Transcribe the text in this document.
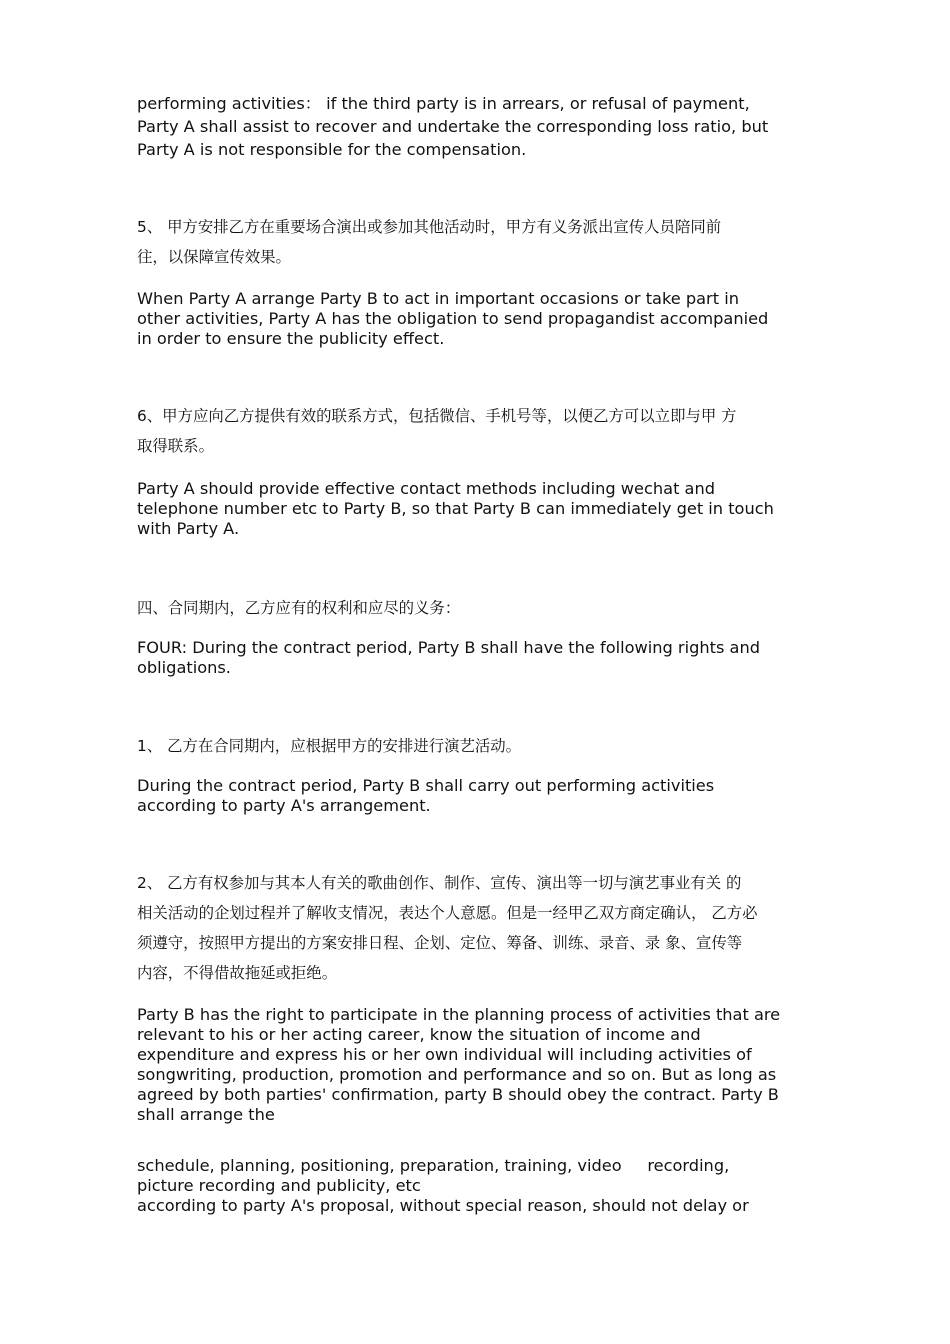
performing activities： if the third party is in arrears, or refusal of payment,
Party A shall assist to recover and undertake the corresponding loss ratio, but
Party A is not responsible for the compensation.
5、 甲方安排乙方在重要场合演出或参加其他活动时，甲方有义务派出宣传人员陪同前
往，以保障宣传效果。
When Party A arrange Party B to act in important occasions or take part in
other activities, Party A has the obligation to send propagandist accompanied
in order to ensure the publicity effect.
6、甲方应向乙方提供有效的联系方式，包括微信、手机号等，以便乙方可以立即与甲 方
取得联系。
Party A should provide effective contact methods including wechat and
telephone number etc to Party B, so that Party B can immediately get in touch
with Party A.
四、合同期内，乙方应有的权利和应尽的义务：
FOUR: During the contract period, Party B shall have the following rights and
obligations.
1、 乙方在合同期内，应根据甲方的安排进行演艺活动。
During the contract period, Party B shall carry out performing activities
according to party A's arrangement.
2、 乙方有权参加与其本人有关的歌曲创作、制作、宣传、演出等一切与演艺事业有关 的
相关活动的企划过程并了解收支情况，表达个人意愿。但是一经甲乙双方商定确认， 乙方必
须遵守，按照甲方提出的方案安排日程、企划、定位、筹备、训练、录音、录 象、宣传等
内容，不得借故拖延或拒绝。
Party B has the right to participate in the planning process of activities that are
relevant to his or her acting career, know the situation of income and
expenditure and express his or her own individual will including activities of
songwriting, production, promotion and performance and so on. But as long as
agreed by both parties' confirmation, party B should obey the contract. Party B
shall arrange the
schedule, planning, positioning, preparation, training, video     recording,
picture recording and publicity, etc
according to party A's proposal, without special reason, should not delay or
